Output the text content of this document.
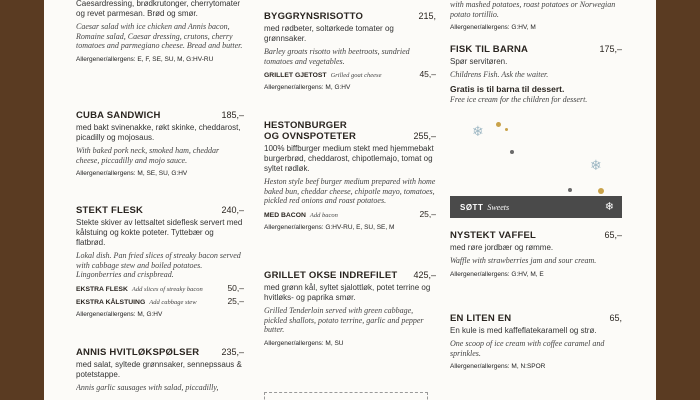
Caesardressing, brødkrutonger, cherrytomater og revet parmesan. Brød og smør.
Caesar salad with ice chicken and Annis bacon, Romaine salad, Caesar dressing, crutons, cherry tomatoes and parmegiano cheese. Bread and butter.
Allergener/allergens: E, F, SE, SU, M, G:HV-RU
CUBA SANDWICH	185,–
med bakt svinenakke, røkt skinke, cheddarost, picadilly og mojosaus.
With baked pork neck, smoked ham, cheddar cheese, piccadilly and mojo sauce.
Allergener/allergens: M, SE, SU, G:HV
STEKT FLESK	240,–
Stekte skiver av lettsaltet sideflesk servert med kålstuing og kokte poteter. Tyttebær og flatbrød.
Lokal dish. Pan fried slices of streaky bacon served with cabbage stew and boiled potatoes. Lingonberries and crispbread.
EKSTRA FLESK Add slices of streaky bacon	50,–
EKSTRA KÅLSTUING Add cabbage stew	25,–
Allergener/allergens: M, G:HV
ANNIS HVITLØKSPØLSER 235,–
med salat, syltede grønnsaker, sennepssaus & potetstappe.
Annis garlic sausages with salad, piccadilly,
BYGGRYNSRISOTTO	215,
med rødbeter, soltørkede tomater og grønnsaker.
Barley groats risotto with beetroots, sundried tomatoes and vegetables.
GRILLET GJETOST Grilled goat cheese	45,–
Allergener/allergens: M, G:HV
HESTONBURGER
OG OVNSPOTETER	255,–
100% biffburger medium stekt med hjemmebakt burgerbrød, cheddarost, chipotlemajo, tomat og syltet rødløk.
Heston style beef burger medium prepared with home baked bun, cheddar cheese, chipotle mayo, tomatoes, pickled red onions and roast potatoes.
MED BACON Add bacon	25,–
Allergener/allergens: G:HV-RU, E, SU, SE, M
GRILLET OKSE INDREFILET 425,–
med grønn kål, syltet sjalottløk, potet terrine og hvitløks- og paprika smør.
Grilled Tenderloin served with green cabbage, pickled shallots, potato terrine, garlic and pepper butter.
Allergener/allergens: M, SU
with mashed potatoes, roast potatoes or Norwegian potato tortillio.
Allergener/allergens: G:HV, M
FISK TIL BARNA	175,–
Spør servitøren.
Childrens Fish. Ask the waiter.
Gratis is til barna til dessert.
Free ice cream for the children for dessert.
❄
❄
SØTT Sweets	❄
NYSTEKT VAFFEL	65,–
med røre jordbær og rømme.
Waffle with strawberries jam and sour cream.
Allergener/allergens: G:HV, M, E
EN LITEN EN	65,
En kule is med kaffeflatekaramell og strø.
One scoop of ice cream with coffee caramel and sprinkles.
Allergener/allergens: M, N:SPOR
